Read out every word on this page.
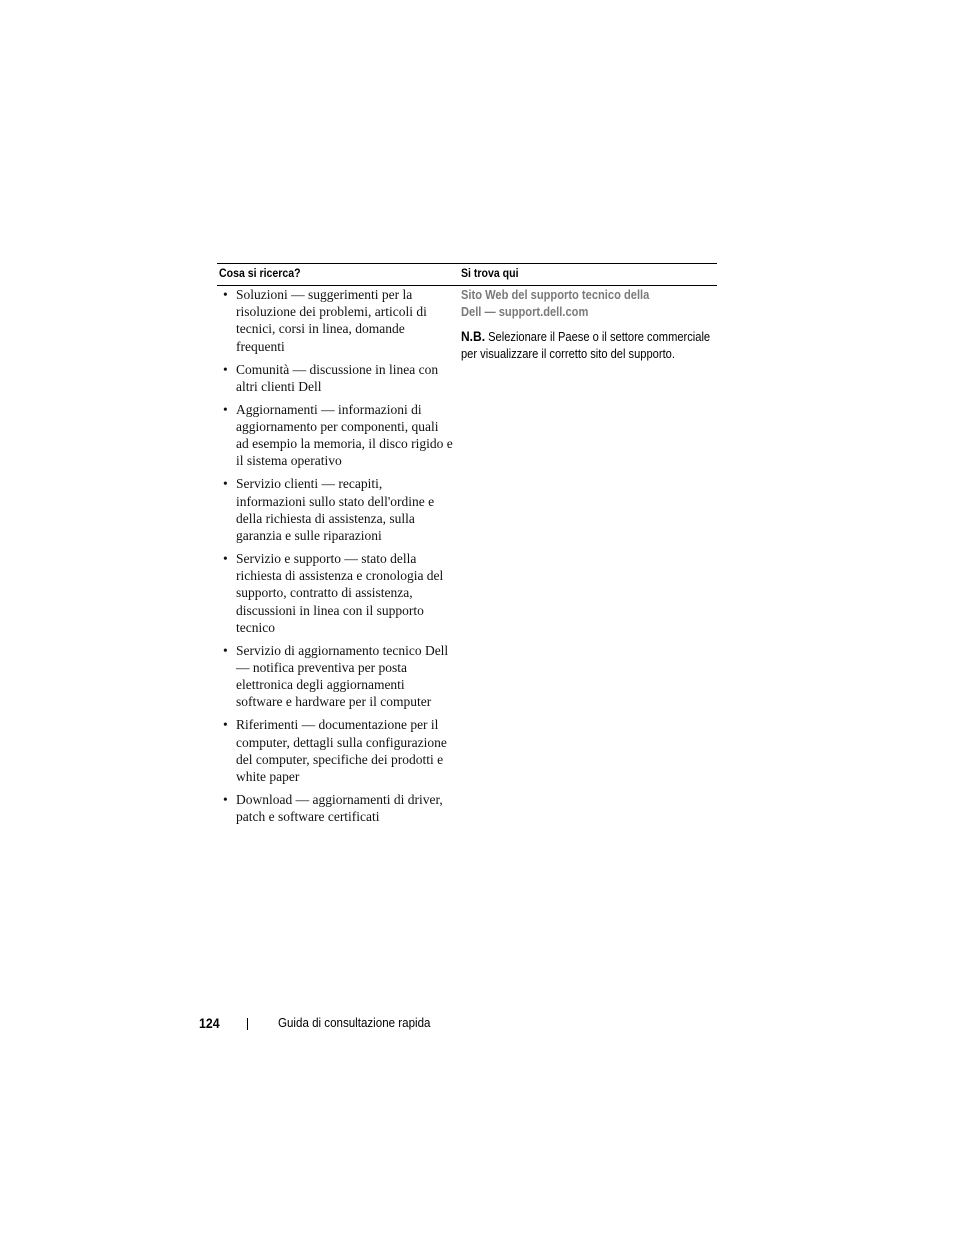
Cosa si ricerca?	Si trova qui
• Soluzioni — suggerimenti per la risoluzione dei problemi, articoli di tecnici, corsi in linea, domande frequenti
• Comunità — discussione in linea con altri clienti Dell
• Aggiornamenti — informazioni di aggiornamento per componenti, quali ad esempio la memoria, il disco rigido e il sistema operativo
• Servizio clienti — recapiti, informazioni sullo stato dell'ordine e della richiesta di assistenza, sulla garanzia e sulle riparazioni
• Servizio e supporto — stato della richiesta di assistenza e cronologia del supporto, contratto di assistenza, discussioni in linea con il supporto tecnico
• Servizio di aggiornamento tecnico Dell — notifica preventiva per posta elettronica degli aggiornamenti software e hardware per il computer
• Riferimenti — documentazione per il computer, dettagli sulla configurazione del computer, specifiche dei prodotti e white paper
• Download — aggiornamenti di driver, patch e software certificati
Sito Web del supporto tecnico della
Dell — support.dell.com
N.B. Selezionare il Paese o il settore commerciale per visualizzare il corretto sito del supporto.
124	Guida di consultazione rapida
